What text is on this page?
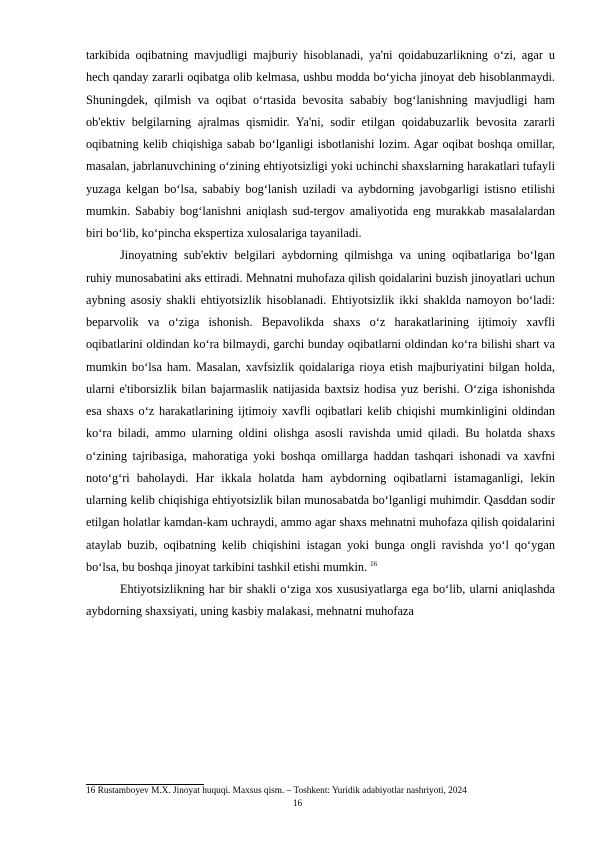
tarkibida oqibatning mavjudligi majburiy hisoblanadi, ya'ni qoidabuzarlikning o‘zi, agar u hech qanday zararli oqibatga olib kelmasa, ushbu modda bo‘yicha jinoyat deb hisoblanmaydi. Shuningdek, qilmish va oqibat o‘rtasida bevosita sababiy bog‘lanishning mavjudligi ham ob'ektiv belgilarning ajralmas qismidir. Ya'ni, sodir etilgan qoidabuzarlik bevosita zararli oqibatning kelib chiqishiga sabab bo‘lganligi isbotlanishi lozim. Agar oqibat boshqa omillar, masalan, jabrlanuvchining o‘zining ehtiyotsizligi yoki uchinchi shaxslarning harakatlari tufayli yuzaga kelgan bo‘lsa, sababiy bog‘lanish uziladi va aybdorning javobgarligi istisno etilishi mumkin. Sababiy bog‘lanishni aniqlash sud-tergov amaliyotida eng murakkab masalalardan biri bo‘lib, ko‘pincha ekspertiza xulosalariga tayaniladi.

Jinoyatning sub'ektiv belgilari aybdorning qilmishga va uning oqibatlariga bo‘lgan ruhiy munosabatini aks ettiradi. Mehnatni muhofaza qilish qoidalarini buzish jinoyatlari uchun aybning asosiy shakli ehtiyotsizlik hisoblanadi. Ehtiyotsizlik ikki shaklda namoyon bo‘ladi: beparvolik va o‘ziga ishonish. Bepavolikda shaxs o‘z harakatlarining ijtimoiy xavfli oqibatlarini oldindan ko‘ra bilmaydi, garchi bunday oqibatlarni oldindan ko‘ra bilishi shart va mumkin bo‘lsa ham. Masalan, xavfsizlik qoidalariga rioya etish majburiyatini bilgan holda, ularni e'tiborsizlik bilan bajarmaslik natijasida baxtsiz hodisa yuz berishi. O‘ziga ishonishda esa shaxs o‘z harakatlarining ijtimoiy xavfli oqibatlari kelib chiqishi mumkinligini oldindan ko‘ra biladi, ammo ularning oldini olishga asosli ravishda umid qiladi. Bu holatda shaxs o‘zining tajribasiga, mahoratiga yoki boshqa omillarga haddan tashqari ishonadi va xavfni noto‘g‘ri baholaydi. Har ikkala holatda ham aybdorning oqibatlarni istamaganligi, lekin ularning kelib chiqishiga ehtiyotsizlik bilan munosabatda bo‘lganligi muhimdir. Qasddan sodir etilgan holatlar kamdan-kam uchraydi, ammo agar shaxs mehnatni muhofaza qilish qoidalarini ataylab buzib, oqibatning kelib chiqishini istagan yoki bunga ongli ravishda yo‘l qo‘ygan bo‘lsa, bu boshqa jinoyat tarkibini tashkil etishi mumkin. $^{16}$

Ehtiyotsizlikning har bir shakli o‘ziga xos xususiyatlarga ega bo‘lib, ularni aniqlashda aybdorning shaxsiyati, uning kasbiy malakasi, mehnatni muhofaza

16 Rustamboyev M.X. Jinoyat huquqi. Maxsus qism. – Toshkent: Yuridik adabiyotlar nashriyoti, 2024
16
